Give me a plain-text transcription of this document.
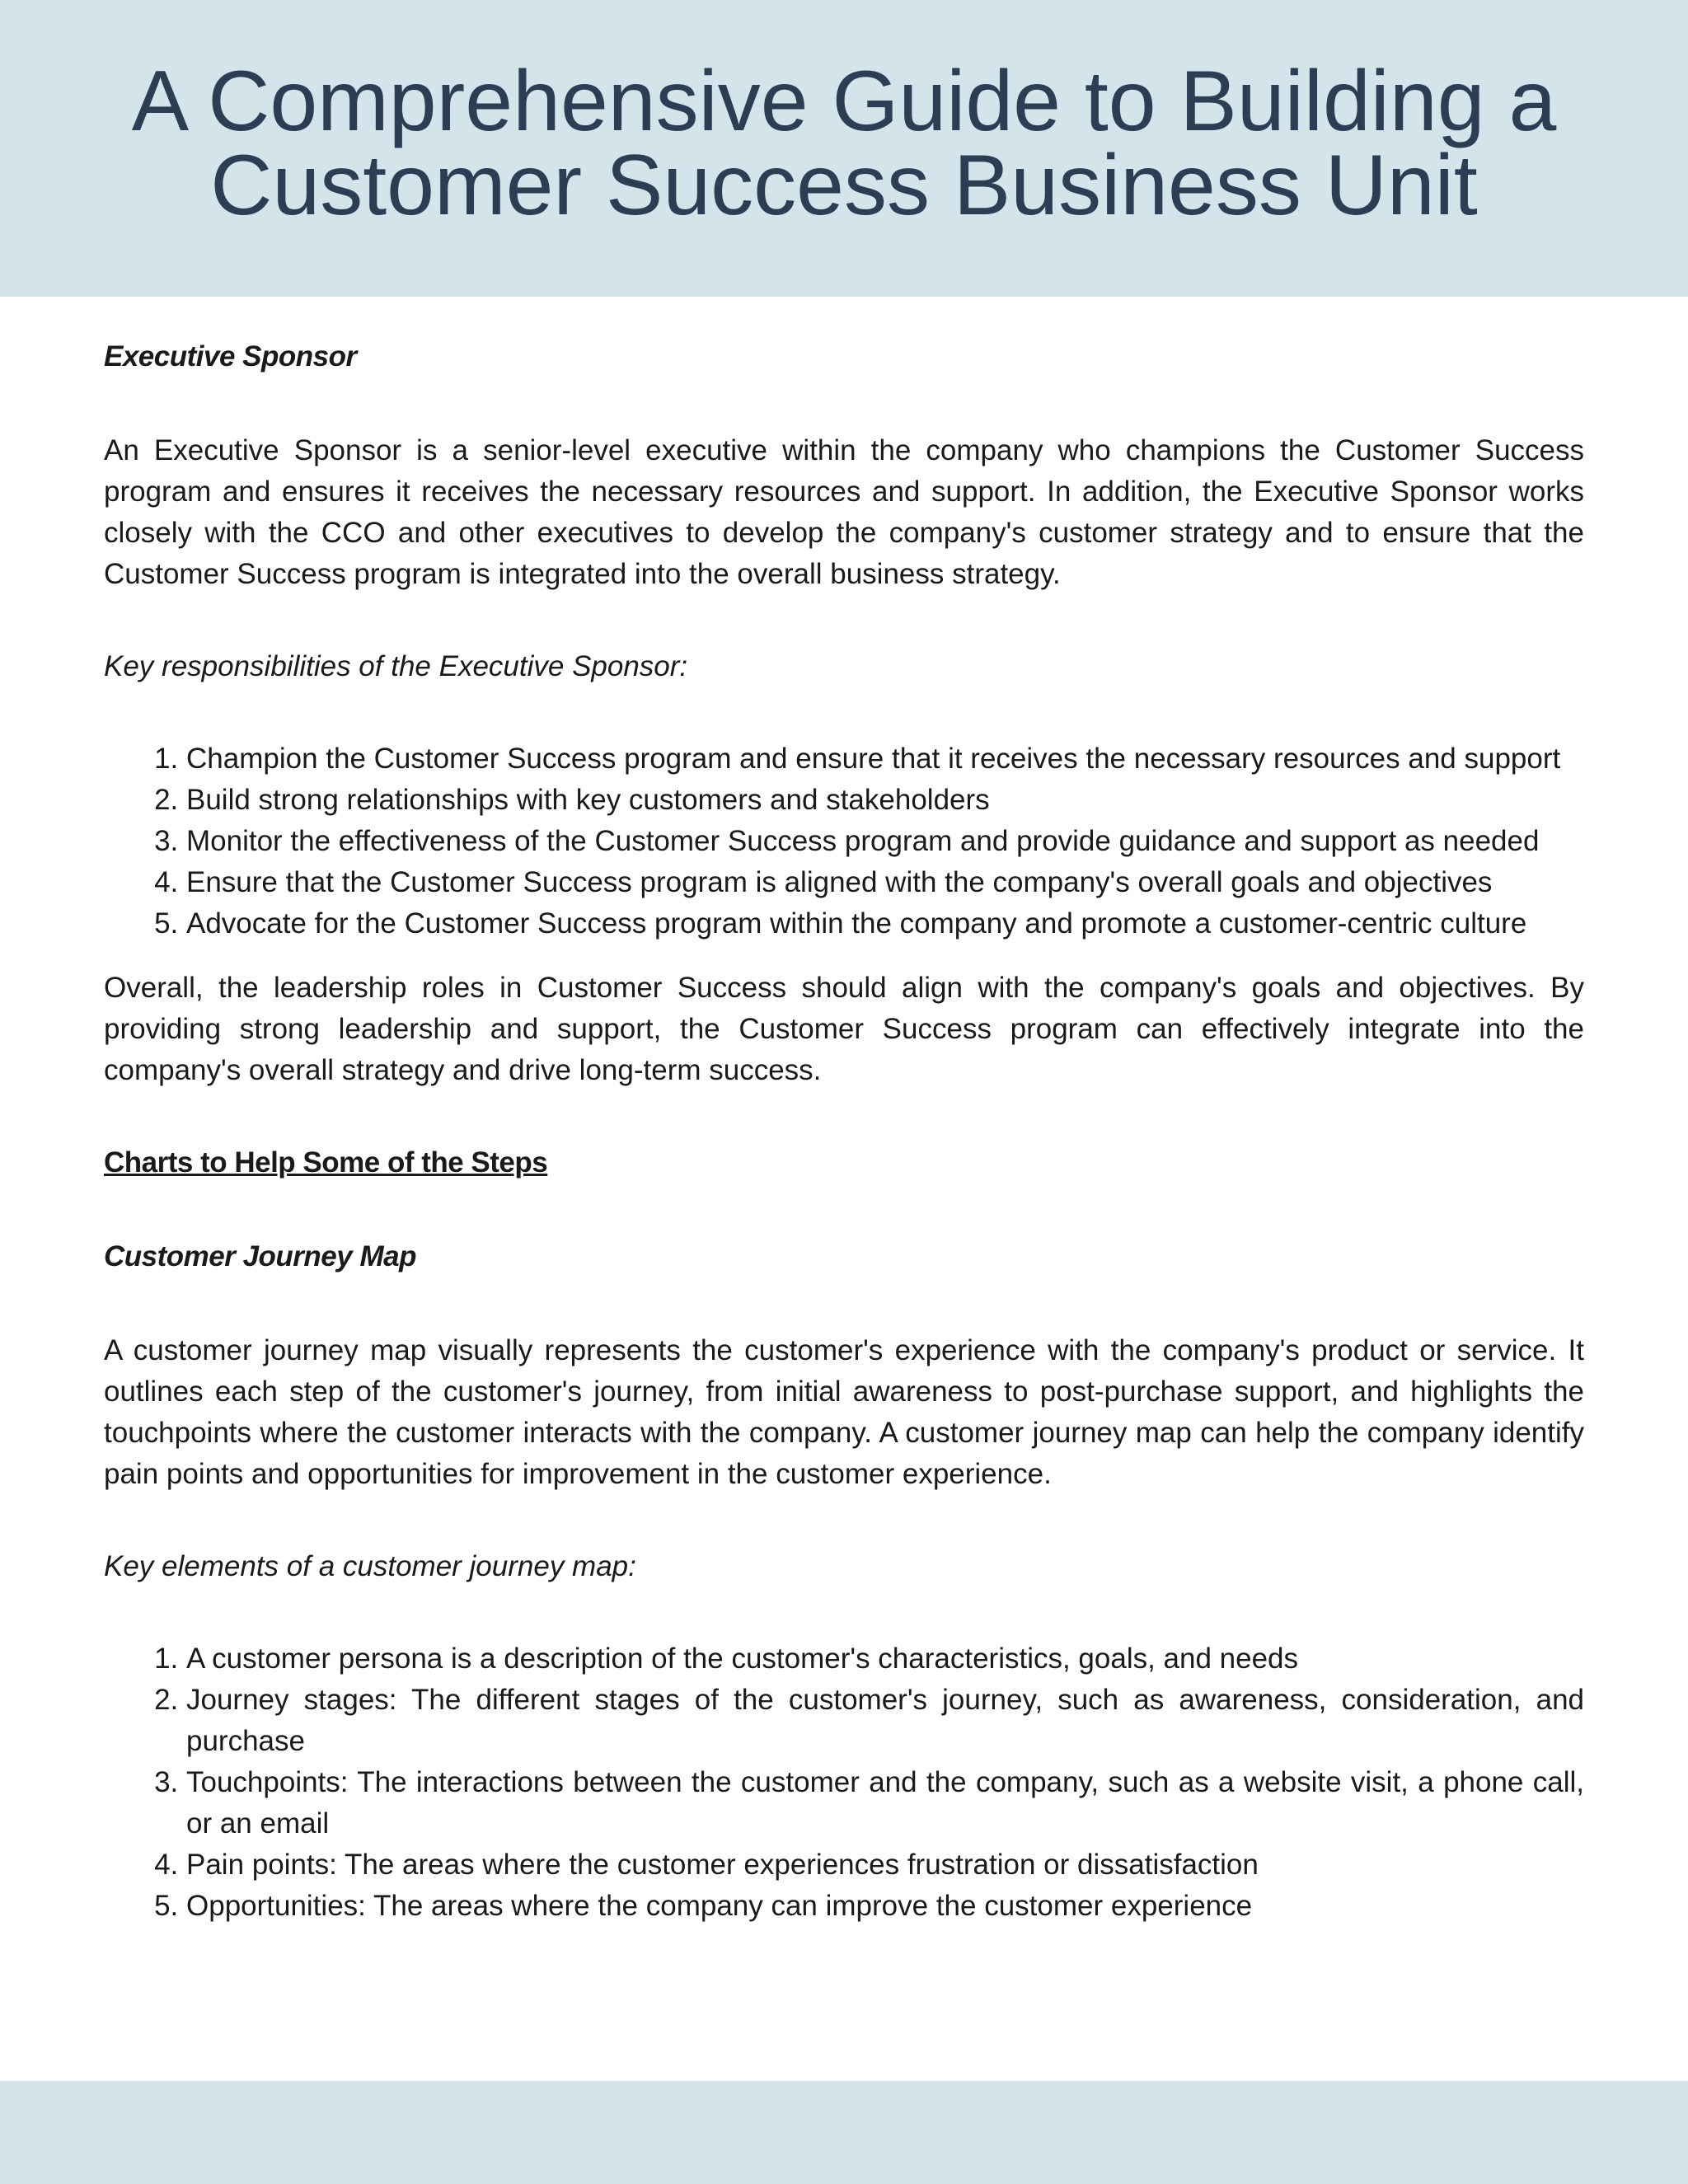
A Comprehensive Guide to Building a
Customer Success Business Unit

Executive Sponsor

An Executive Sponsor is a senior-level executive within the company who champions the Customer Success program and ensures it receives the necessary resources and support. In addition, the Executive Sponsor works closely with the CCO and other executives to develop the company's customer strategy and to ensure that the Customer Success program is integrated into the overall business strategy.

Key responsibilities of the Executive Sponsor:

1. Champion the Customer Success program and ensure that it receives the necessary resources and support
2. Build strong relationships with key customers and stakeholders
3. Monitor the effectiveness of the Customer Success program and provide guidance and support as needed
4. Ensure that the Customer Success program is aligned with the company's overall goals and objectives
5. Advocate for the Customer Success program within the company and promote a customer-centric culture

Overall, the leadership roles in Customer Success should align with the company's goals and objectives. By providing strong leadership and support, the Customer Success program can effectively integrate into the company's overall strategy and drive long-term success.

Charts to Help Some of the Steps

Customer Journey Map

A customer journey map visually represents the customer's experience with the company's product or service. It outlines each step of the customer's journey, from initial awareness to post-purchase support, and highlights the touchpoints where the customer interacts with the company. A customer journey map can help the company identify pain points and opportunities for improvement in the customer experience.

Key elements of a customer journey map:

1. A customer persona is a description of the customer's characteristics, goals, and needs
2. Journey stages: The different stages of the customer's journey, such as awareness, consideration, and purchase
3. Touchpoints: The interactions between the customer and the company, such as a website visit, a phone call, or an email
4. Pain points: The areas where the customer experiences frustration or dissatisfaction
5. Opportunities: The areas where the company can improve the customer experience
